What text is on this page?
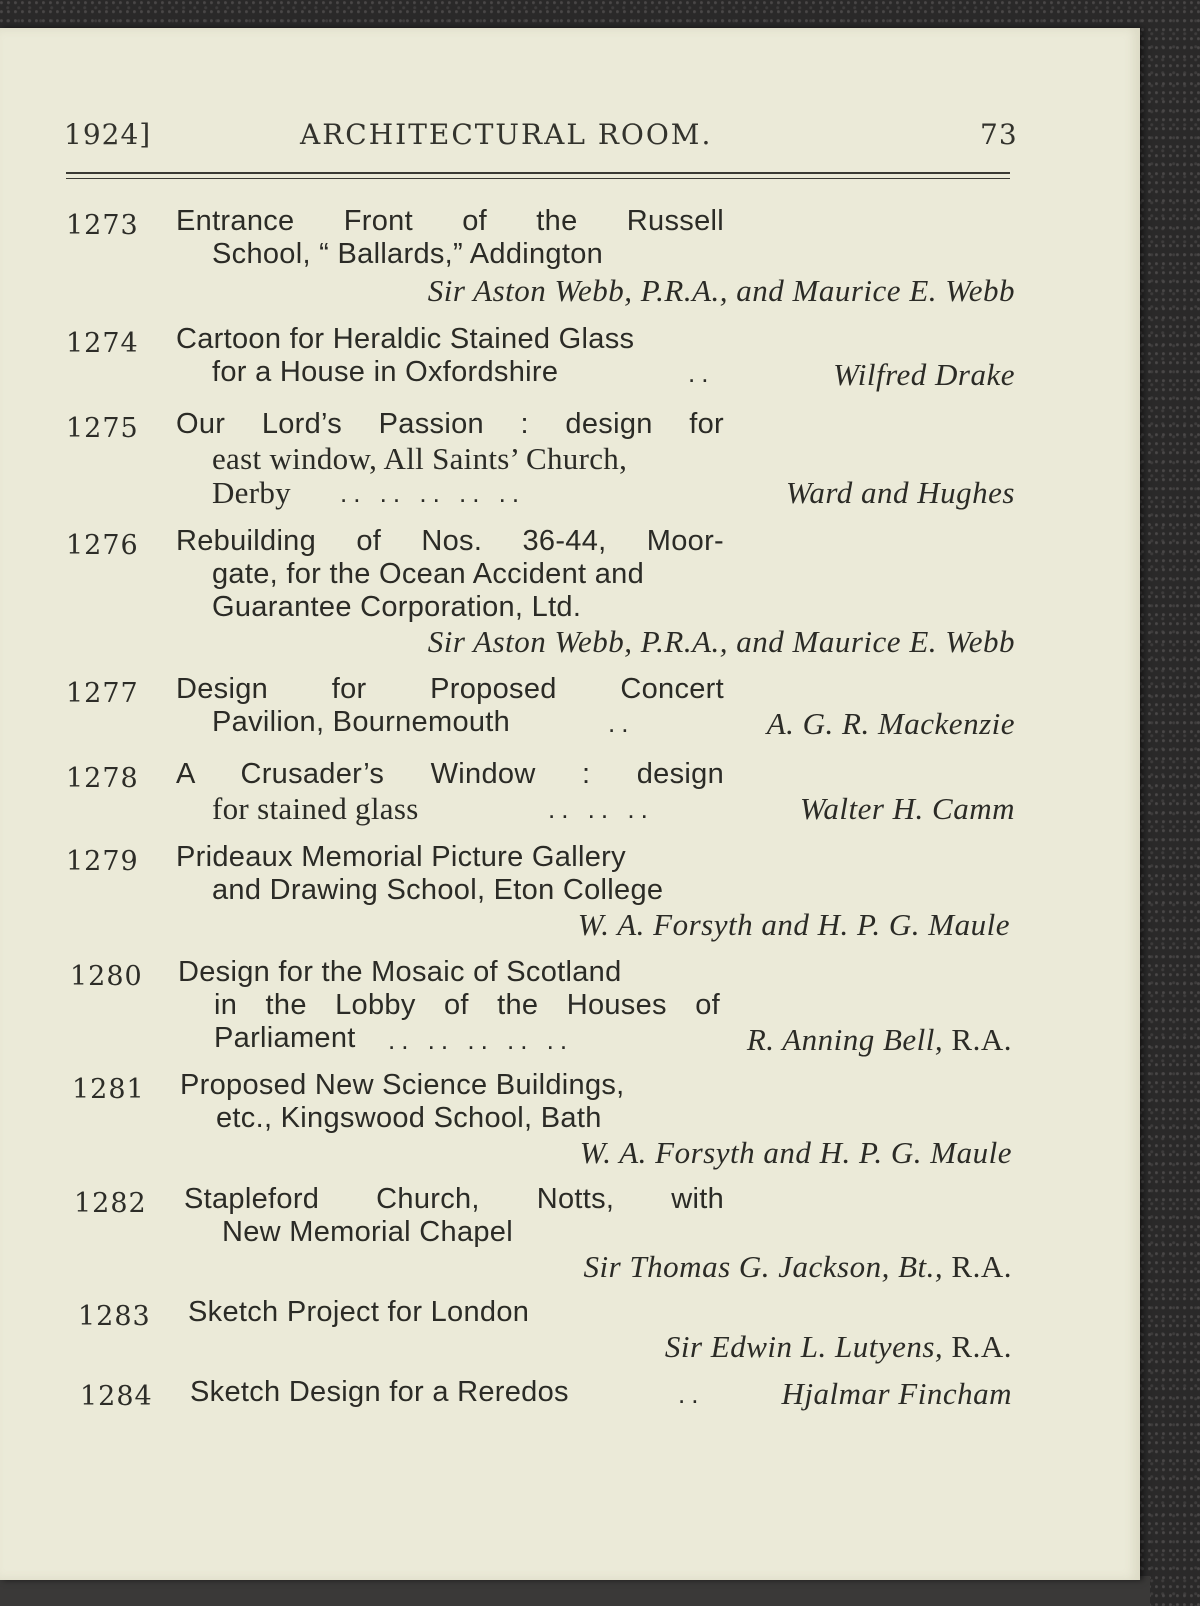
1924]	ARCHITECTURAL ROOM.	73
1273 Entrance Front of the Russell
School, “ Ballards,” Addington
Sir Aston Webb, P.R.A., and Maurice E. Webb
1274 Cartoon for Heraldic Stained Glass
for a House in Oxfordshire	..	Wilfred Drake
1275 Our Lord’s Passion : design for
east window, All Saints’ Church,
Derby .. .. .. .. ..	Ward and Hughes
1276 Rebuilding of Nos. 36-44, Moor-
gate, for the Ocean Accident and
Guarantee Corporation, Ltd.
Sir Aston Webb, P.R.A., and Maurice E. Webb
1277 Design for Proposed Concert
Pavilion, Bournemouth	..	A. G. R. Mackenzie
1278 A Crusader’s Window : design
for stained glass	.. .. ..	Walter H. Camm
1279 Prideaux Memorial Picture Gallery
and Drawing School, Eton College
W. A. Forsyth and H. P. G. Maule
1280 Design for the Mosaic of Scotland
in the Lobby of the Houses of
Parliament .. .. .. .. ..	R. Anning Bell, R.A.
1281 Proposed New Science Buildings,
etc., Kingswood School, Bath
W. A. Forsyth and H. P. G. Maule
1282 Stapleford Church, Notts, with
New Memorial Chapel
Sir Thomas G. Jackson, Bt., R.A.
1283 Sketch Project for London
Sir Edwin L. Lutyens, R.A.
1284 Sketch Design for a Reredos	..	Hjalmar Fincham
